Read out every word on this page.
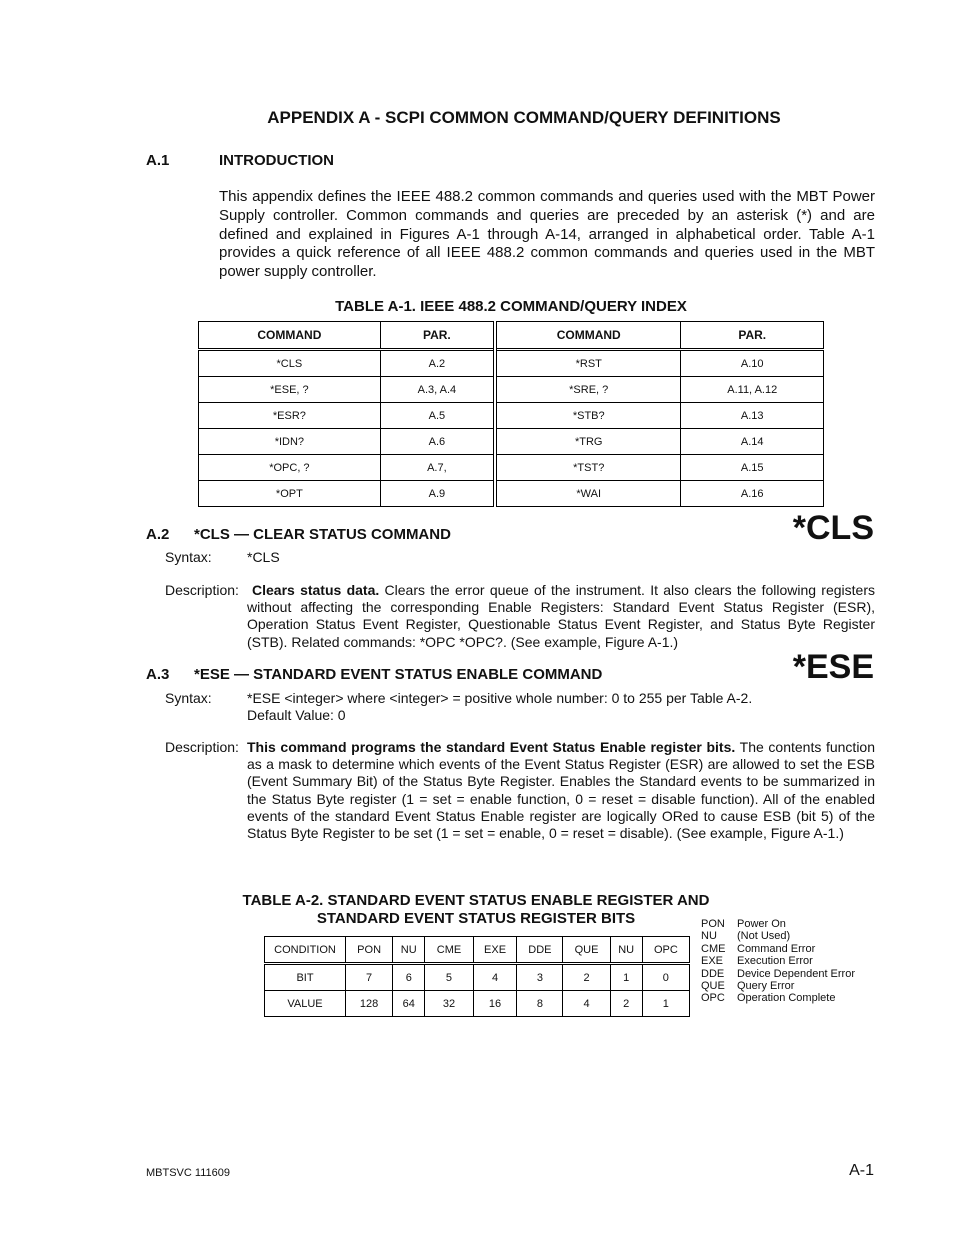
APPENDIX A - SCPI COMMON COMMAND/QUERY DEFINITIONS
A.1	INTRODUCTION
This appendix defines the IEEE 488.2 common commands and queries used with the MBT Power Supply controller. Common commands and queries are preceded by an asterisk (*) and are defined and explained in Figures A-1 through A-14, arranged in alphabetical order. Table A-1 provides a quick reference of all IEEE 488.2 common commands and queries used in the MBT power supply controller.
TABLE A-1. IEEE 488.2 COMMAND/QUERY INDEX
COMMAND	PAR.	COMMAND	PAR.
*CLS	A.2	*RST	A.10
*ESE, ?	A.3, A.4	*SRE, ?	A.11, A.12
*ESR?	A.5	*STB?	A.13
*IDN?	A.6	*TRG	A.14
*OPC, ?	A.7,	*TST?	A.15
*OPT	A.9	*WAI	A.16
A.2 *CLS — CLEAR STATUS COMMAND	*CLS
Syntax:	*CLS
Description: Clears status data. Clears the error queue of the instrument. It also clears the following registers without affecting the corresponding Enable Registers: Standard Event Status Register (ESR), Operation Status Event Register, Questionable Status Event Register, and Status Byte Register (STB). Related commands: *OPC *OPC?. (See example, Figure A-1.)
A.3 *ESE — STANDARD EVENT STATUS ENABLE COMMAND	*ESE
Syntax:	*ESE <integer> where <integer> = positive whole number: 0 to 255 per Table A-2.
Default Value: 0
Description: This command programs the standard Event Status Enable register bits. The contents function as a mask to determine which events of the Event Status Register (ESR) are allowed to set the ESB (Event Summary Bit) of the Status Byte Register. Enables the Standard events to be summarized in the Status Byte register (1 = set = enable function, 0 = reset = disable function). All of the enabled events of the standard Event Status Enable register are logically ORed to cause ESB (bit 5) of the Status Byte Register to be set (1 = set = enable, 0 = reset = disable). (See example, Figure A-1.)
TABLE A-2. STANDARD EVENT STATUS ENABLE REGISTER AND
STANDARD EVENT STATUS REGISTER BITS
CONDITION	PON	NU	CME	EXE	DDE	QUE	NU	OPC
BIT	7	6	5	4	3	2	1	0
VALUE	128	64	32	16	8	4	2	1
PON Power On
NU (Not Used)
CME Command Error
EXE Execution Error
DDE Device Dependent Error
QUE Query Error
OPC Operation Complete
MBTSVC 111609	A-1
